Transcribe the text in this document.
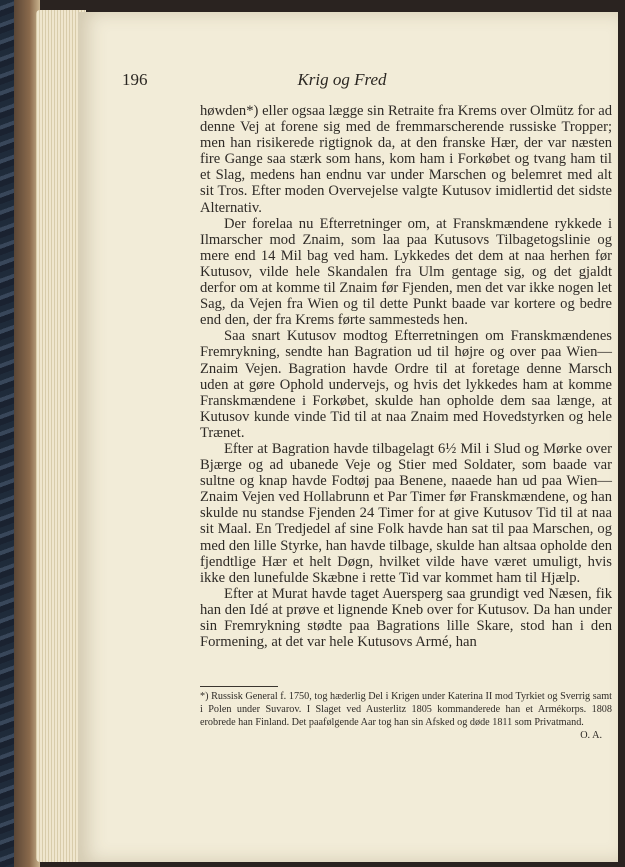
196	Krig og Fred

høwden*) eller ogsaa lægge sin Retraite fra Krems over Olmütz for ad denne Vej at forene sig med de fremmarscherende russiske Tropper; men han risikerede rigtignok da, at den franske Hær, der var næsten fire Gange saa stærk som hans, kom ham i Forkøbet og tvang ham til et Slag, medens han endnu var under Marschen og belemret med alt sit Tros. Efter moden Overvejelse valgte Kutusov imidlertid det sidste Alternativ.

Der forelaa nu Efterretninger om, at Franskmændene rykkede i Ilmarscher mod Znaim, som laa paa Kutusovs Tilbagetogslinie og mere end 14 Mil bag ved ham. Lykkedes det dem at naa herhen før Kutusov, vilde hele Skandalen fra Ulm gentage sig, og det gjaldt derfor om at komme til Znaim før Fjenden, men det var ikke nogen let Sag, da Vejen fra Wien og til dette Punkt baade var kortere og bedre end den, der fra Krems førte sammesteds hen.

Saa snart Kutusov modtog Efterretningen om Franskmændenes Fremrykning, sendte han Bagration ud til højre og over paa Wien—Znaim Vejen. Bagration havde Ordre til at foretage denne Marsch uden at gøre Ophold undervejs, og hvis det lykkedes ham at komme Franskmændene i Forkøbet, skulde han opholde dem saa længe, at Kutusov kunde vinde Tid til at naa Znaim med Hovedstyrken og hele Trænet.

Efter at Bagration havde tilbagelagt 6½ Mil i Slud og Mørke over Bjærge og ad ubanede Veje og Stier med Soldater, som baade var sultne og knap havde Fodtøj paa Benene, naaede han ud paa Wien—Znaim Vejen ved Hollabrunn et Par Timer før Franskmændene, og han skulde nu standse Fjenden 24 Timer for at give Kutusov Tid til at naa sit Maal. En Tredjedel af sine Folk havde han sat til paa Marschen, og med den lille Styrke, han havde tilbage, skulde han altsaa opholde den fjendtlige Hær et helt Døgn, hvilket vilde have været umuligt, hvis ikke den lunefulde Skæbne i rette Tid var kommet ham til Hjælp.

Efter at Murat havde taget Auersperg saa grundigt ved Næsen, fik han den Idé at prøve et lignende Kneb over for Kutusov. Da han under sin Fremrykning stødte paa Bagrations lille Skare, stod han i den Formening, at det var hele Kutusovs Armé, han

*) Russisk General f. 1750, tog hæderlig Del i Krigen under Katerina II mod Tyrkiet og Sverrig samt i Polen under Suvarov. I Slaget ved Austerlitz 1805 kommanderede han et Armékorps. 1808 erobrede han Finland. Det paafølgende Aar tog han sin Afsked og døde 1811 som Privatmand.
O. A.
